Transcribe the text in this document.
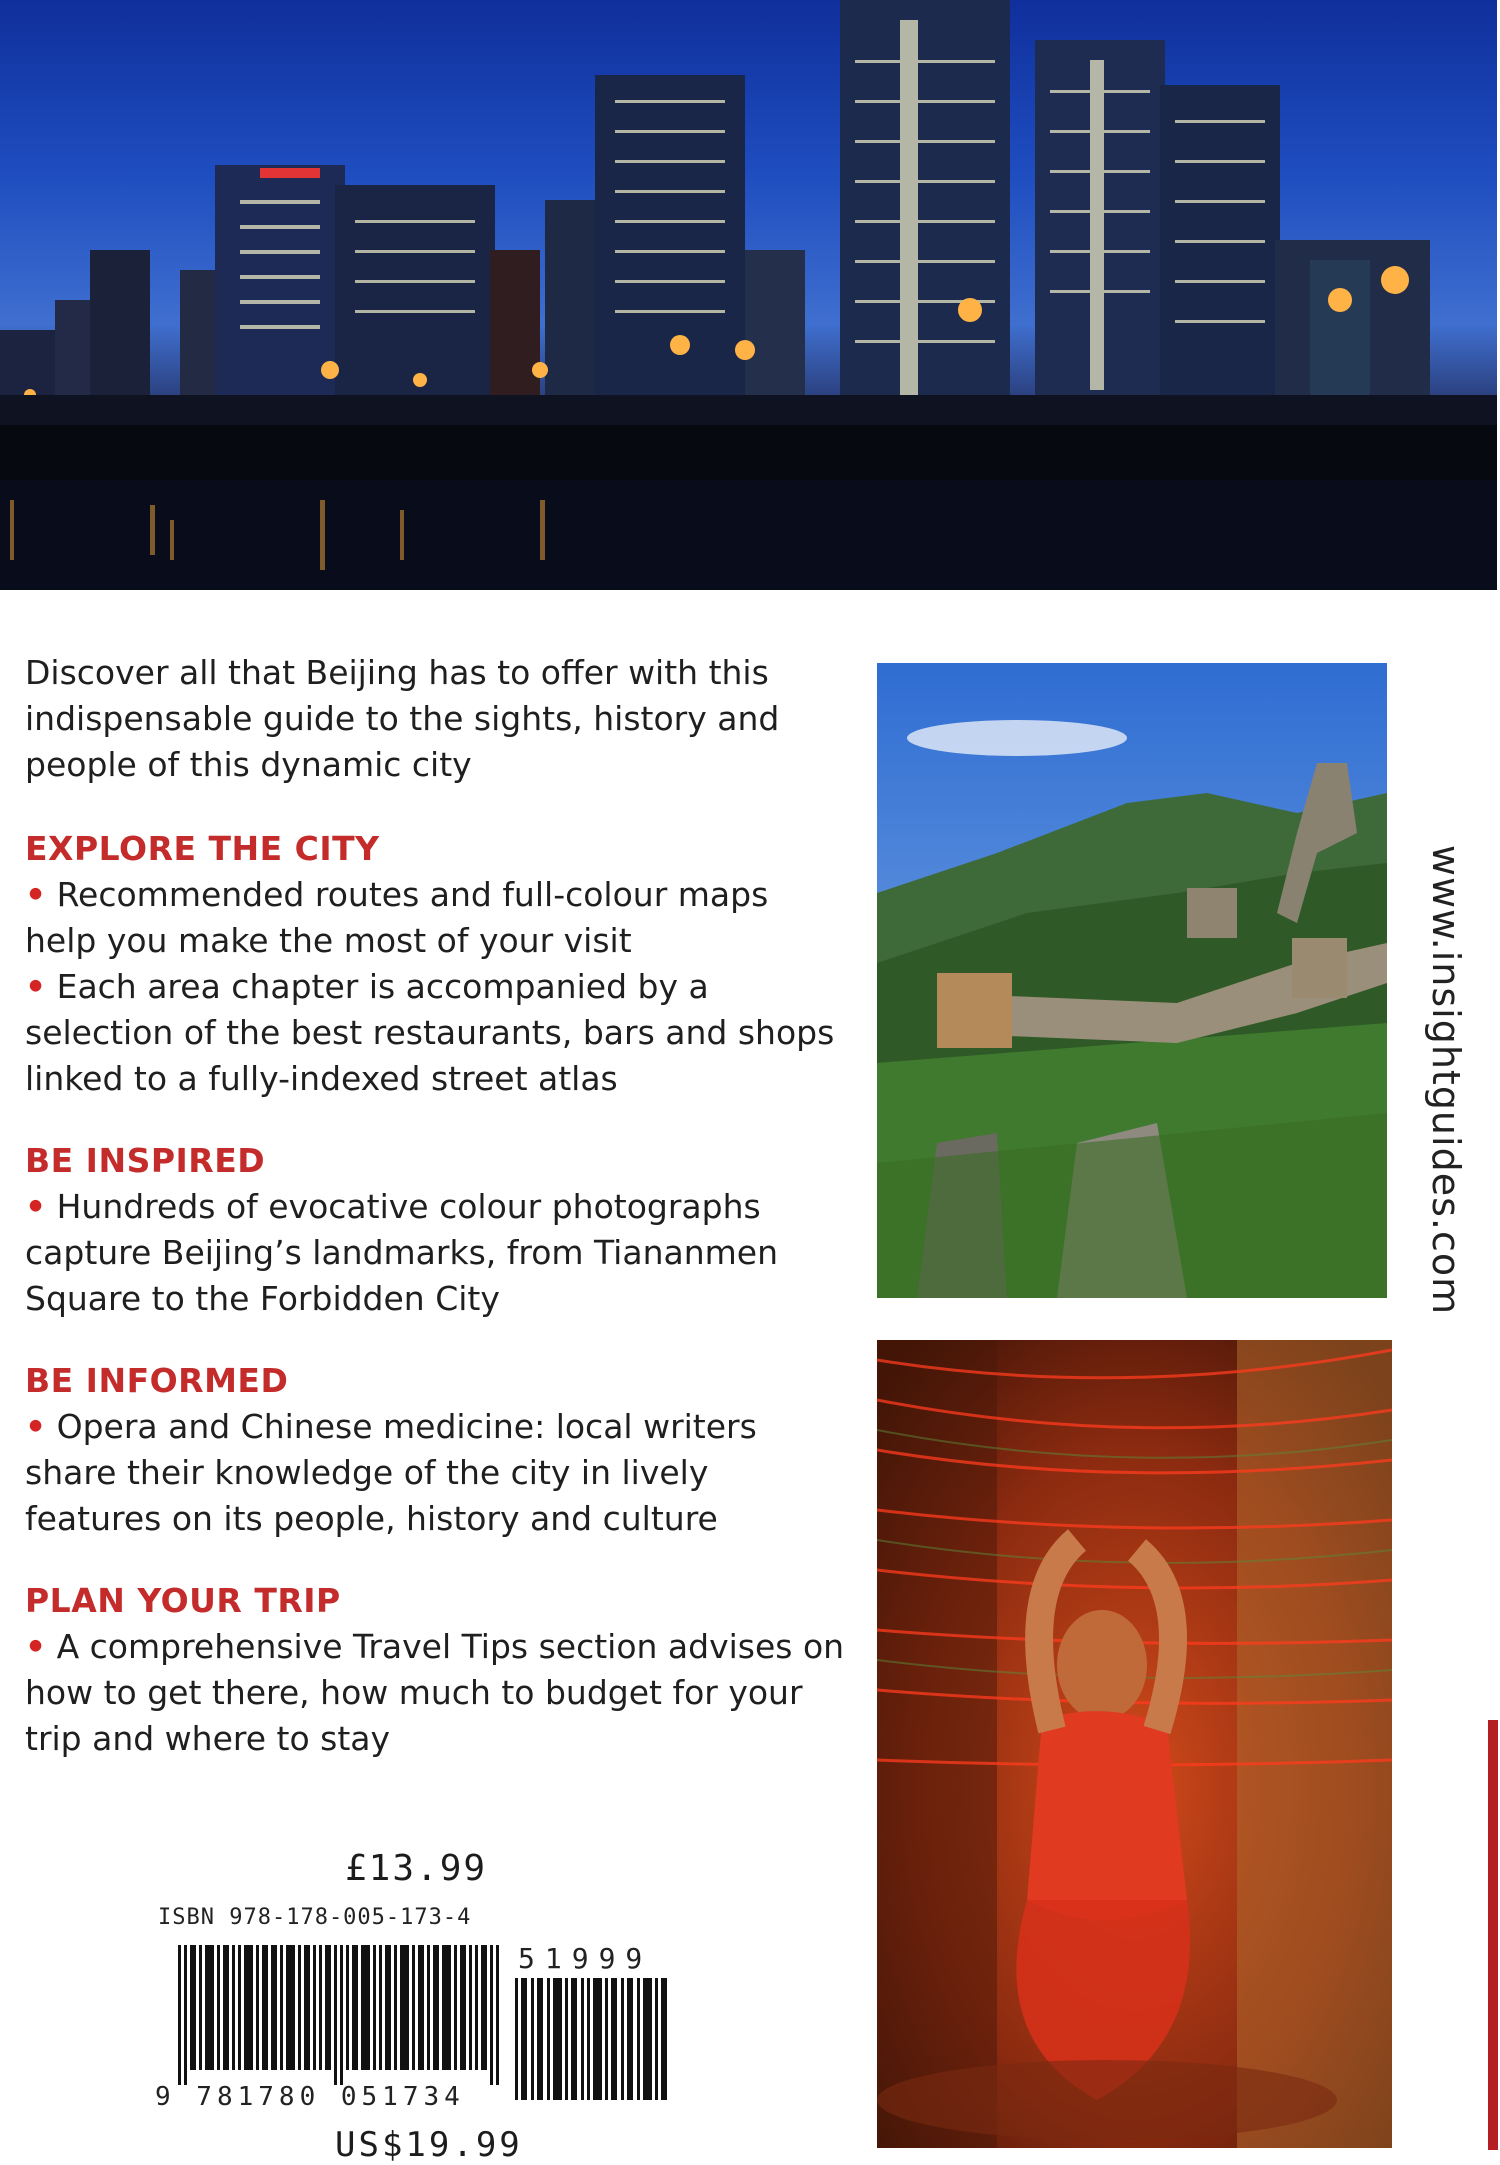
Discover all that Beijing has to offer with this indispensable guide to the sights, history and people of this dynamic city

EXPLORE THE CITY

• Recommended routes and full-colour maps help you make the most of your visit

• Each area chapter is accompanied by a selection of the best restaurants, bars and shops linked to a fully-indexed street atlas

BE INSPIRED

• Hundreds of evocative colour photographs capture Beijing’s landmarks, from Tiananmen Square to the Forbidden City

BE INFORMED

• Opera and Chinese medicine: local writers share their knowledge of the city in lively features on its people, history and culture

PLAN YOUR TRIP

• A comprehensive Travel Tips section advises on how to get there, how much to budget for your trip and where to stay

www.insightguides.com
£13.99
ISBN 978-178-005-173-4
51999
9 781780 051734
US$19.99
